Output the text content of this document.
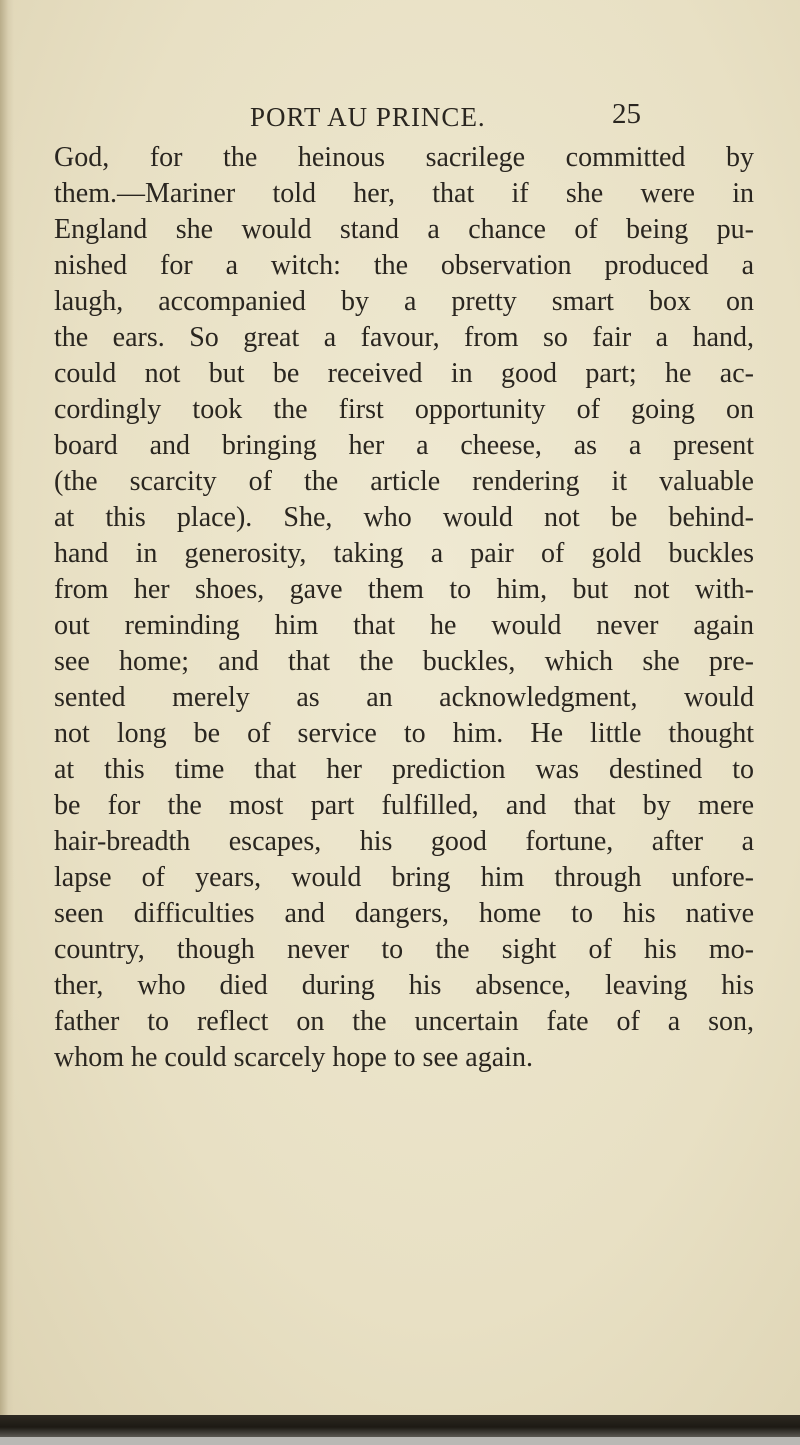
PORT AU PRINCE.	25
God, for the heinous sacrilege committed by
them.—Mariner told her, that if she were in
England she would stand a chance of being pu-
nished for a witch: the observation produced a
laugh, accompanied by a pretty smart box on
the ears. So great a favour, from so fair a hand,
could not but be received in good part; he ac-
cordingly took the first opportunity of going on
board and bringing her a cheese, as a present
(the scarcity of the article rendering it valuable
at this place). She, who would not be behind-
hand in generosity, taking a pair of gold buckles
from her shoes, gave them to him, but not with-
out reminding him that he would never again
see home; and that the buckles, which she pre-
sented merely as an acknowledgment, would
not long be of service to him. He little thought
at this time that her prediction was destined to
be for the most part fulfilled, and that by mere
hair-breadth escapes, his good fortune, after a
lapse of years, would bring him through unfore-
seen difficulties and dangers, home to his native
country, though never to the sight of his mo-
ther, who died during his absence, leaving his
father to reflect on the uncertain fate of a son,
whom he could scarcely hope to see again.
